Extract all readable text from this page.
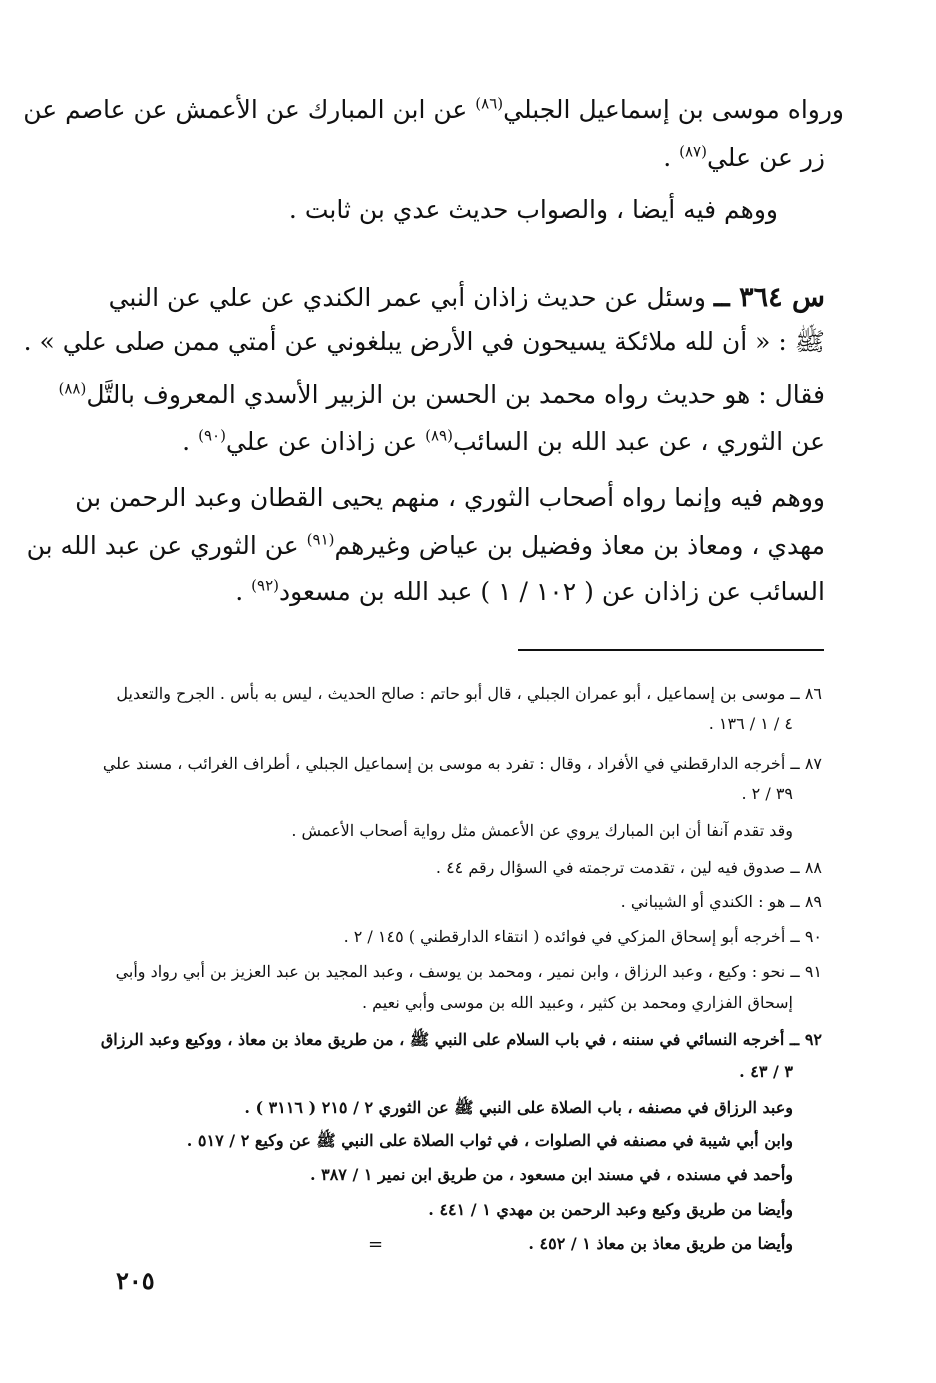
ورواه موسى بن إسماعيل الجبلي$^{(٨٦)}$ عن ابن المبارك عن الأعمش عن عاصم عن

زر عن علي$^{(٨٧)}$ .

ووهم فيه أيضا ، والصواب حديث عدي بن ثابت .

س ٣٦٤ ــ وسئل عن حديث زاذان أبي عمر الكندي عن علي عن النبي

ﷺ : « أن لله ملائكة يسيحون في الأرض يبلغوني عن أمتي ممن صلى علي » .

فقال : هو حديث رواه محمد بن الحسن بن الزبير الأسدي المعروف بالتَّل$^{(٨٨)}$

عن الثوري ، عن عبد الله بن السائب$^{(٨٩)}$ عن زاذان عن علي$^{(٩٠)}$ .

ووهم فيه وإنما رواه أصحاب الثوري ، منهم يحيى القطان وعبد الرحمن بن

مهدي ، ومعاذ بن معاذ وفضيل بن عياض وغيرهم$^{(٩١)}$ عن الثوري عن عبد الله بن

السائب عن زاذان عن ( ١٠٢ / ١ ) عبد الله بن مسعود$^{(٩٢)}$ .

٨٦ ــ موسى بن إسماعيل ، أبو عمران الجبلي ، قال أبو حاتم : صالح الحديث ، ليس به بأس . الجرح والتعديل

٤ / ١ / ١٣٦ .

٨٧ ــ أخرجه الدارقطني في الأفراد ، وقال : تفرد به موسى بن إسماعيل الجبلي ، أطراف الغرائب ، مسند علي

٣٩ / ٢ .

وقد تقدم آنفا أن ابن المبارك يروي عن الأعمش مثل رواية أصحاب الأعمش .

٨٨ ــ صدوق فيه لين ، تقدمت ترجمته في السؤال رقم ٤٤ .

٨٩ ــ هو : الكندي أو الشيباني .

٩٠ ــ أخرجه أبو إسحاق المزكي في فوائده ( انتقاء الدارقطني ) ١٤٥ / ٢ .

٩١ ــ نحو : وكيع ، وعبد الرزاق ، وابن نمير ، ومحمد بن يوسف ، وعبد المجيد بن عبد العزيز بن أبي رواد وأبي

إسحاق الفزاري ومحمد بن كثير ، وعبيد الله بن موسى وأبي نعيم .

٩٢ ــ أخرجه النسائي في سننه ، في باب السلام على النبي ﷺ ، من طريق معاذ بن معاذ ، ووكيع وعبد الرزاق

٣ / ٤٣ .

وعبد الرزاق في مصنفه ، باب الصلاة على النبي ﷺ عن الثوري ٢ / ٢١٥ ( ٣١١٦ ) .

وابن أبي شيبة في مصنفه في الصلوات ، في ثواب الصلاة على النبي ﷺ عن وكيع ٢ / ٥١٧ .

وأحمد في مسنده ، في مسند ابن مسعود ، من طريق ابن نمير ١ / ٣٨٧ .

وأيضا من طريق وكيع وعبد الرحمن بن مهدي ١ / ٤٤١ .

وأيضا من طريق معاذ بن معاذ ١ / ٤٥٢ .

=
٢٠٥
